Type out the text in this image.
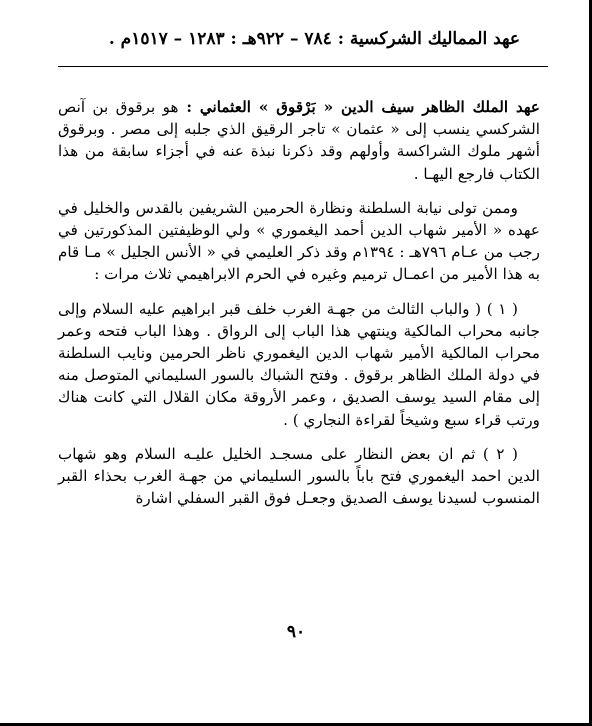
عهد المماليك الشركسية : ٧٨٤ – ٩٢٢هـ : ١٢٨٣ – ١٥١٧م .

عهد الملك الظاهر سيف الدين « بَرْقوق » العثماني : هو برقوق بن آنص الشركسي ينسب إلى « عثمان » تاجر الرقيق الذي جلبه إلى مصر . وبرقوق أشهر ملوك الشراكسة وأولهم وقد ذكرنا نبذة عنه في أجزاء سابقة من هذا الكتاب فارجع اليهـا .

وممن تولى نيابة السلطنة ونظارة الحرمين الشريفين بالقدس والخليل في عهده « الأمير شهاب الدين أحمد اليغموري » ولي الوظيفتين المذكورتين في رجب من عـام ٧٩٦هـ : ١٣٩٤م وقد ذكر العليمي في « الأنس الجليل » مـا قام به هذا الأمير من اعمـال ترميم وغيره في الحرم الابراهيمي ثلاث مرات :

( ١ ) ( والباب الثالث من جهـة الغرب خلف قبر ابراهيم عليه السلام وإلى جانبه محراب المالكية وينتهي هذا الباب إلى الرواق . وهذا الباب فتحه وعمر محراب المالكية الأمير شهاب الدين اليغموري ناظر الحرمين ونايب السلطنة في دولة الملك الظاهر برقوق . وفتح الشباك بالسور السليماني المتوصل منه إلى مقام السيد يوسف الصديق ، وعمر الأروقة مكان القلال التي كانت هناك ورتب قراء سبع وشيخاً لقراءة النجاري ) .

( ٢ ) ثم ان بعض النظار على مسجـد الخليل عليـه السلام وهو شهاب الدين احمد اليغموري فتح باباً بالسور السليماني من جهـة الغرب بحذاء القبر المنسوب لسيدنا يوسف الصديق وجعـل فوق القبر السفلي اشارة

٩٠
